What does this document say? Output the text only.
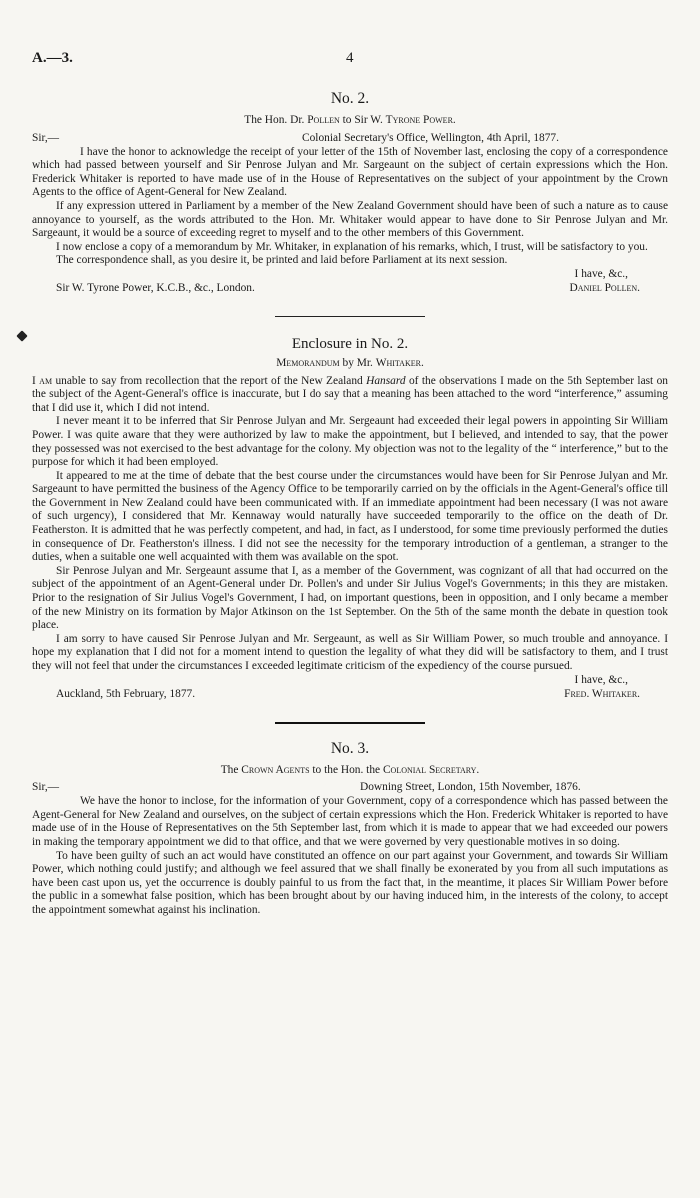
A.—3.	4
No. 2.
The Hon. Dr. Pollen to Sir W. Tyrone Power.
Sir,—	Colonial Secretary's Office, Wellington, 4th April, 1877.

I have the honor to acknowledge the receipt of your letter of the 15th of November last, enclosing the copy of a correspondence which had passed between yourself and Sir Penrose Julyan and Mr. Sargeaunt on the subject of certain expressions which the Hon. Frederick Whitaker is reported to have made use of in the House of Representatives on the subject of your appointment by the Crown Agents to the office of Agent-General for New Zealand.

If any expression uttered in Parliament by a member of the New Zealand Government should have been of such a nature as to cause annoyance to yourself, as the words attributed to the Hon. Mr. Whitaker would appear to have done to Sir Penrose Julyan and Mr. Sargeaunt, it would be a source of exceeding regret to myself and to the other members of this Government.

I now enclose a copy of a memorandum by Mr. Whitaker, in explanation of his remarks, which, I trust, will be satisfactory to you.

The correspondence shall, as you desire it, be printed and laid before Parliament at its next session.

I have, &c.,
Sir W. Tyrone Power, K.C.B., &c., London.	Daniel Pollen.
Enclosure in No. 2.
Memorandum by Mr. Whitaker.

I am unable to say from recollection that the report of the New Zealand Hansard of the observations I made on the 5th September last on the subject of the Agent-General's office is inaccurate, but I do say that a meaning has been attached to the word “interference,” assuming that I did use it, which I did not intend.

I never meant it to be inferred that Sir Penrose Julyan and Mr. Sergeaunt had exceeded their legal powers in appointing Sir William Power. I was quite aware that they were authorized by law to make the appointment, but I believed, and intended to say, that the power they possessed was not exercised to the best advantage for the colony. My objection was not to the legality of the “ interference,” but to the purpose for which it had been employed.

It appeared to me at the time of debate that the best course under the circumstances would have been for Sir Penrose Julyan and Mr. Sargeaunt to have permitted the business of the Agency Office to be temporarily carried on by the officials in the Agent-General's office till the Government in New Zealand could have been communicated with. If an immediate appointment had been necessary (I was not aware of such urgency), I considered that Mr. Kennaway would naturally have succeeded temporarily to the office on the death of Dr. Featherston. It is admitted that he was perfectly competent, and had, in fact, as I understood, for some time previously performed the duties in consequence of Dr. Featherston's illness. I did not see the necessity for the temporary introduction of a gentleman, a stranger to the duties, when a suitable one well acquainted with them was available on the spot.

Sir Penrose Julyan and Mr. Sergeaunt assume that I, as a member of the Government, was cognizant of all that had occurred on the subject of the appointment of an Agent-General under Dr. Pollen's and under Sir Julius Vogel's Governments; in this they are mistaken. Prior to the resignation of Sir Julius Vogel's Government, I had, on important questions, been in opposition, and I only became a member of the new Ministry on its formation by Major Atkinson on the 1st September. On the 5th of the same month the debate in question took place.

I am sorry to have caused Sir Penrose Julyan and Mr. Sergeaunt, as well as Sir William Power, so much trouble and annoyance. I hope my explanation that I did not for a moment intend to question the legality of what they did will be satisfactory to them, and I trust they will not feel that under the circumstances I exceeded legitimate criticism of the expediency of the course pursued.

I have, &c.,
Auckland, 5th February, 1877.	Fred. Whitaker.
No. 3.
The Crown Agents to the Hon. the Colonial Secretary.
Sir,—	Downing Street, London, 15th November, 1876.

We have the honor to inclose, for the information of your Government, copy of a correspondence which has passed between the Agent-General for New Zealand and ourselves, on the subject of certain expressions which the Hon. Frederick Whitaker is reported to have made use of in the House of Representatives on the 5th September last, from which it is made to appear that we had exceeded our powers in making the temporary appointment we did to that office, and that we were governed by very questionable motives in so doing.

To have been guilty of such an act would have constituted an offence on our part against your Government, and towards Sir William Power, which nothing could justify; and although we feel assured that we shall finally be exonerated by you from all such imputations as have been cast upon us, yet the occurrence is doubly painful to us from the fact that, in the meantime, it places Sir William Power before the public in a somewhat false position, which has been brought about by our having induced him, in the interests of the colony, to accept the appointment somewhat against his inclination.
